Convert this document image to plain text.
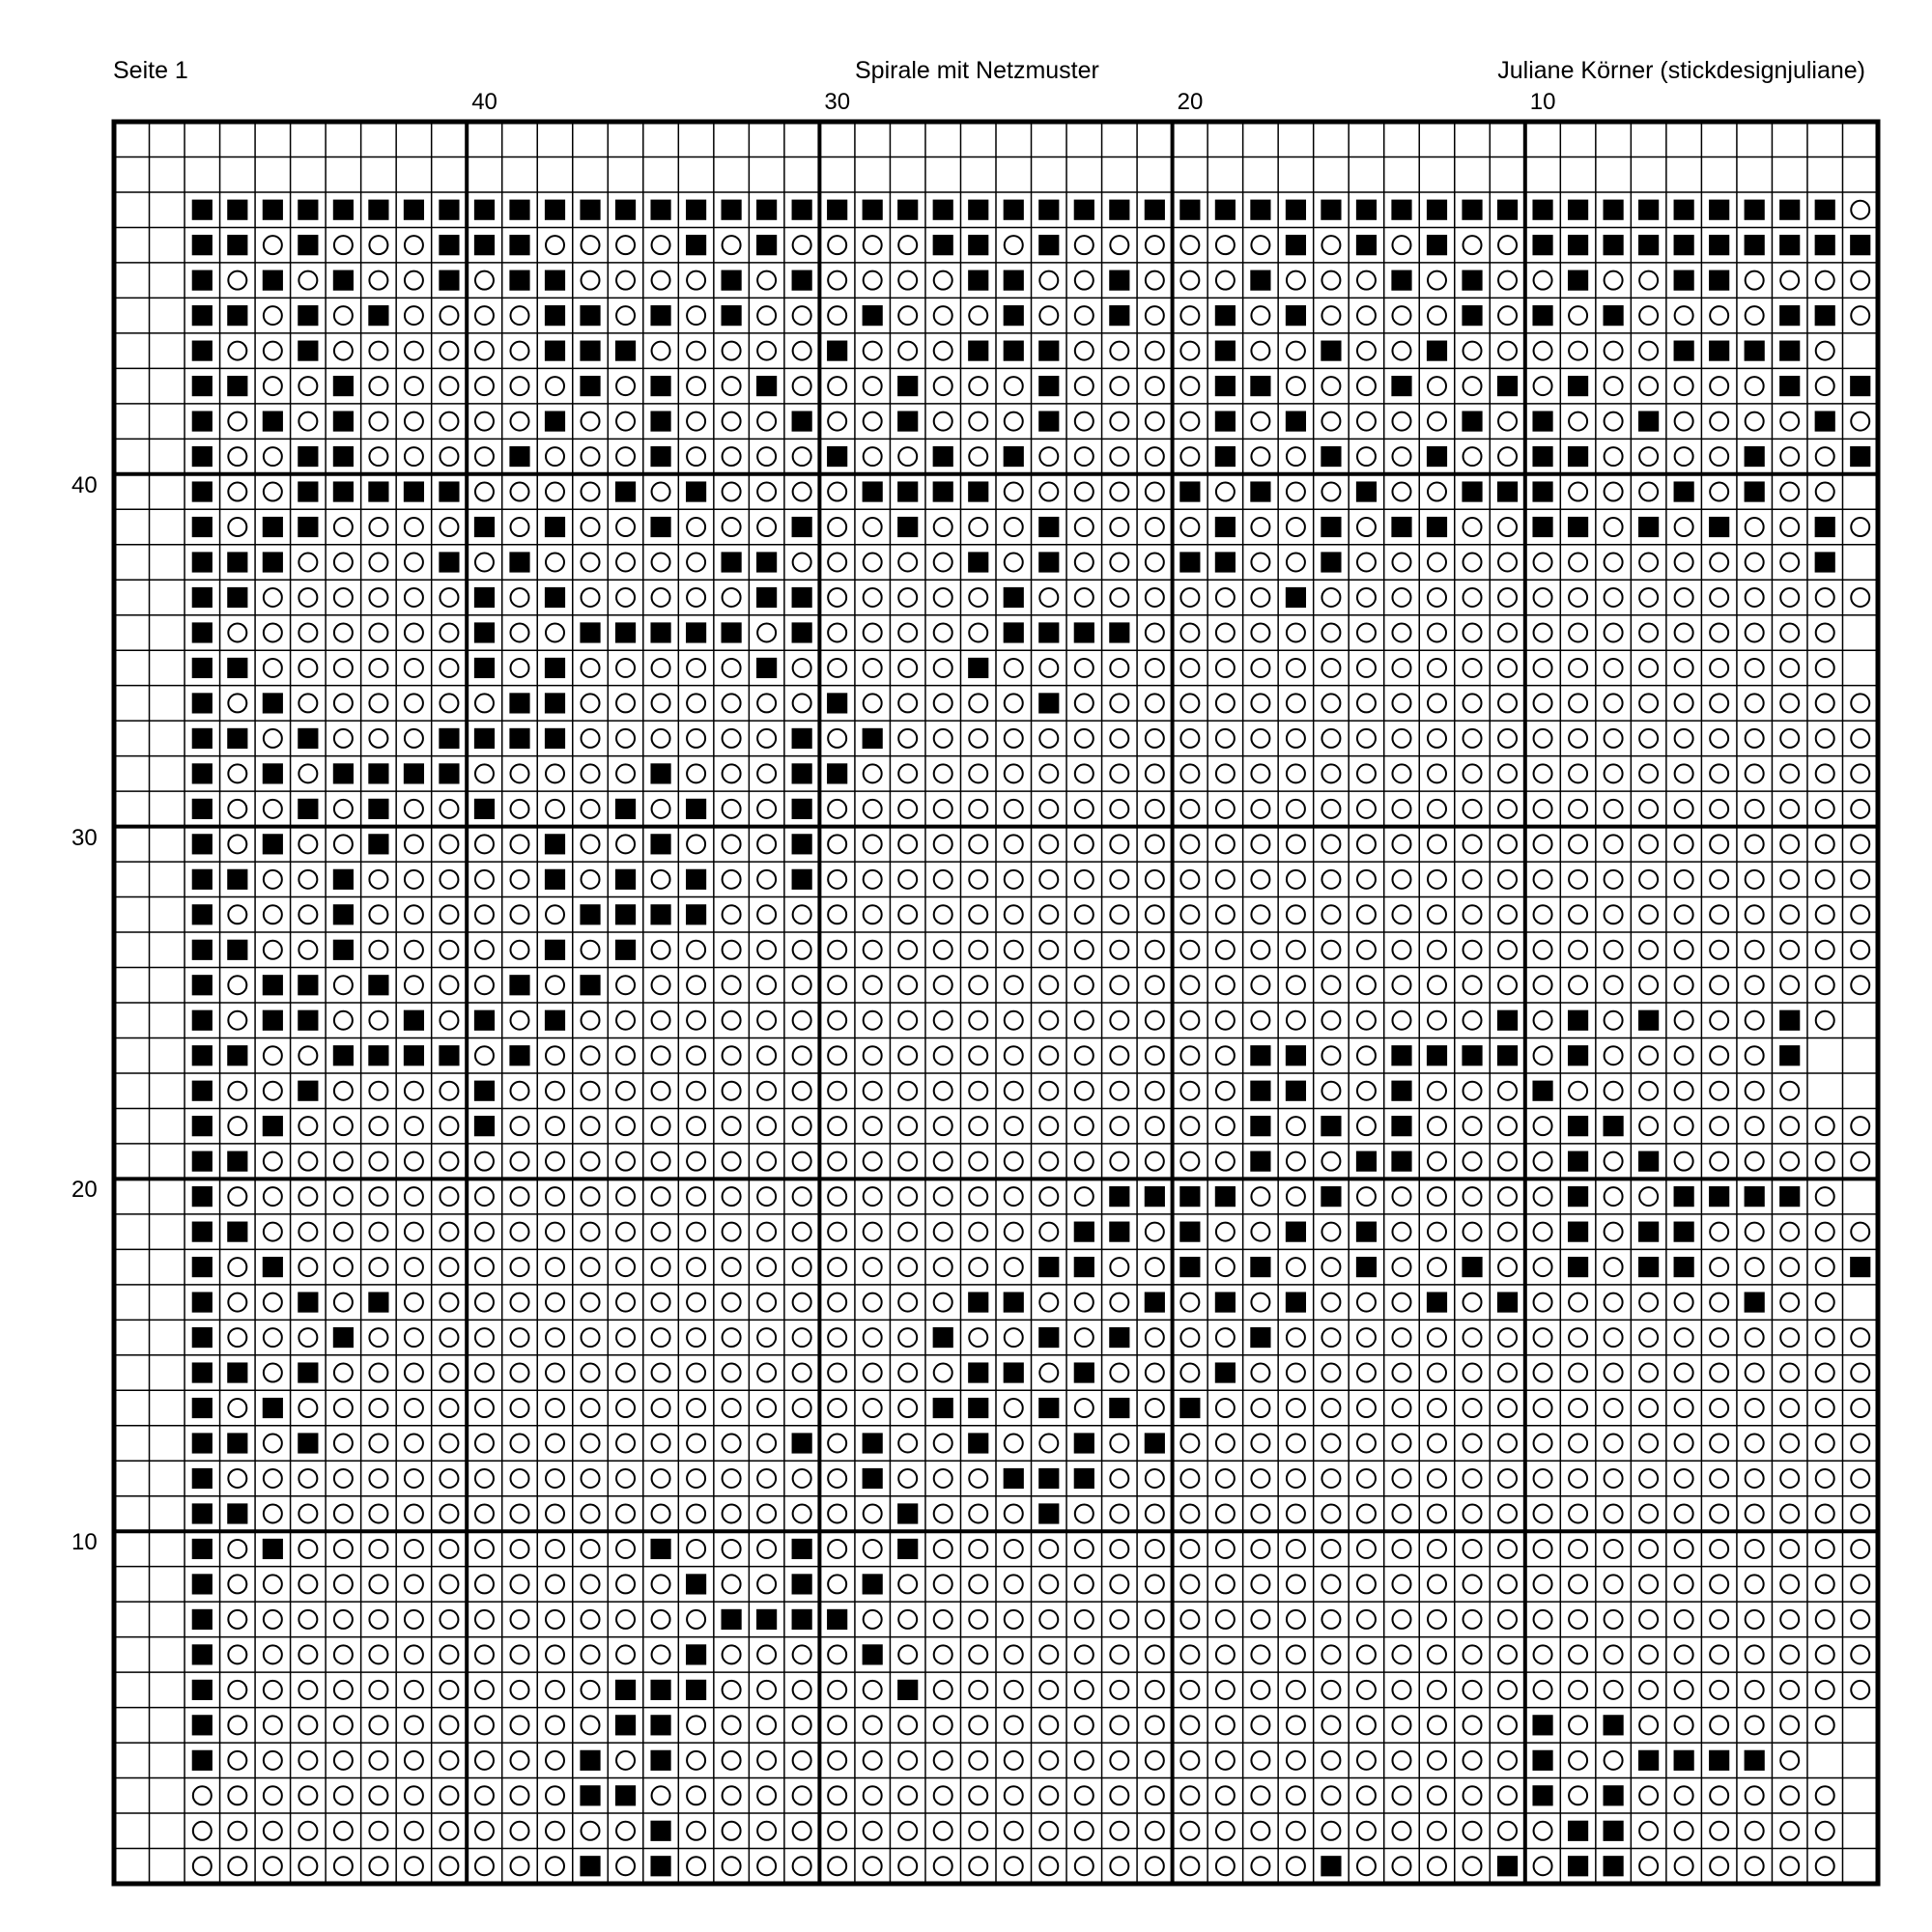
Seite 1	Spirale mit Netzmuster	Juliane Körner (stickdesignjuliane)
40	30	20	10
40
30
20
10
